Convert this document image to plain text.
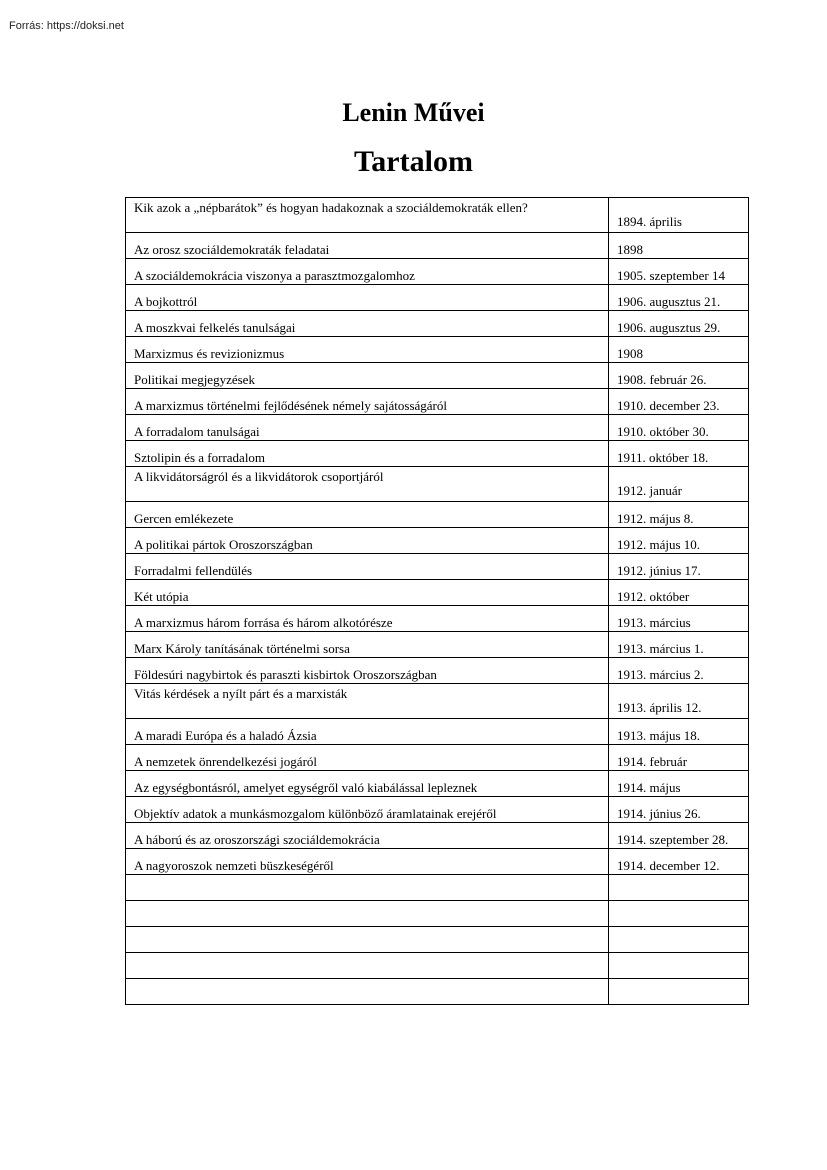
Forrás: https://doksi.net
Lenin Művei
Tartalom
Kik azok a „népbarátok” és hogyan hadakoznak a szociáldemokraták ellen?	1894. április
Az orosz szociáldemokraták feladatai	1898
A szociáldemokrácia viszonya a parasztmozgalomhoz	1905. szeptember 14
A bojkottról	1906. augusztus 21.
A moszkvai felkelés tanulságai	1906. augusztus 29.
Marxizmus és revizionizmus	1908
Politikai megjegyzések	1908. február 26.
A marxizmus történelmi fejlődésének némely sajátosságáról	1910. december 23.
A forradalom tanulságai	1910. október 30.
Sztolipin és a forradalom	1911. október 18.
A likvidátorságról és a likvidátorok csoportjáról	1912. január
Gercen emlékezete	1912. május 8.
A politikai pártok Oroszországban	1912. május 10.
Forradalmi fellendülés	1912. június 17.
Két utópia	1912. október
A marxizmus három forrása és három alkotórésze	1913. március
Marx Károly tanításának történelmi sorsa	1913. március 1.
Földesúri nagybirtok és paraszti kisbirtok Oroszországban	1913. március 2.
Vitás kérdések a nyílt párt és a marxisták	1913. április 12.
A maradi Európa és a haladó Ázsia	1913. május 18.
A nemzetek önrendelkezési jogáról	1914. február
Az egységbontásról, amelyet egységről való kiabálással lepleznek	1914. május
Objektív adatok a munkásmozgalom különböző áramlatainak erejéről	1914. június 26.
A háború és az oroszországi szociáldemokrácia	1914. szeptember 28.
A nagyoroszok nemzeti büszkeségéről	1914. december 12.
